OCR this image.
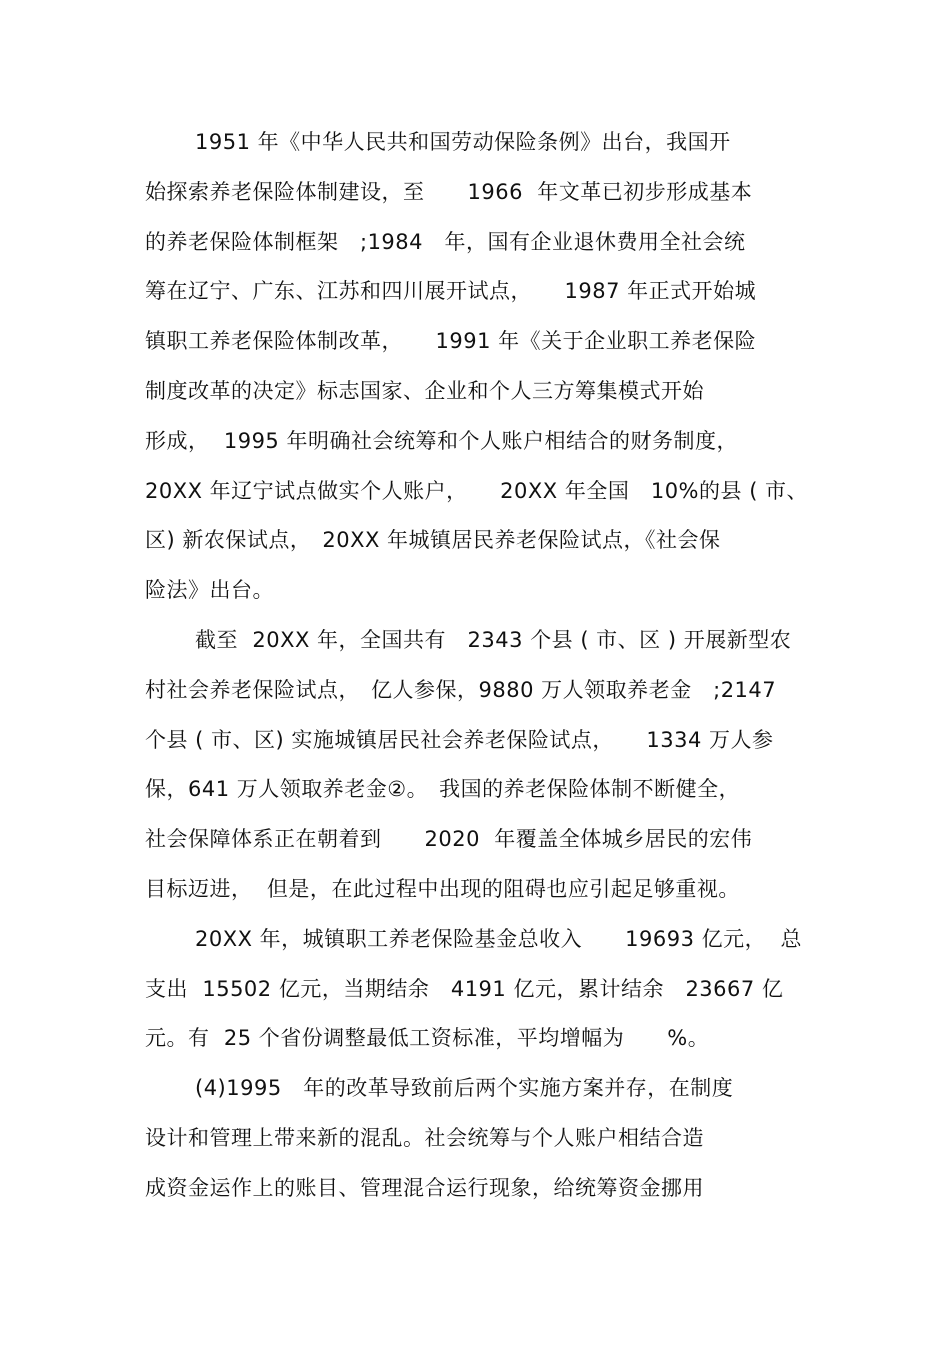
1951 年《中华人民共和国劳动保险条例》出台，我国开
始探索养老保险体制建设，至　　1966  年文革已初步形成基本
的养老保险体制框架　;1984　年，国有企业退休费用全社会统
筹在辽宁、广东、江苏和四川展开试点，　　1987 年正式开始城
镇职工养老保险体制改革，　　1991 年《关于企业职工养老保险
制度改革的决定》标志国家、企业和个人三方筹集模式开始
形成，  1995 年明确社会统筹和个人账户相结合的财务制度，
20XX 年辽宁试点做实个人账户，　　20XX 年全国　10%的县 ( 市、
区) 新农保试点，　20XX 年城镇居民养老保险试点，《社会保
险法》出台。
截至  20XX 年，全国共有　2343 个县 ( 市、区 ) 开展新型农
村社会养老保险试点，　亿人参保，9880 万人领取养老金　;2147
个县 ( 市、区) 实施城镇居民社会养老保险试点，　　1334 万人参
保，641 万人领取养老金②。　我国的养老保险体制不断健全，
社会保障体系正在朝着到　　2020  年覆盖全体城乡居民的宏伟
目标迈进，  但是，在此过程中出现的阻碍也应引起足够重视。
20XX 年，城镇职工养老保险基金总收入　　19693 亿元，  总
支出  15502 亿元，当期结余　4191 亿元，累计结余　23667 亿
元。有  25 个省份调整最低工资标准，平均增幅为　　%。
(4)1995　年的改革导致前后两个实施方案并存，在制度
设计和管理上带来新的混乱。社会统筹与个人账户相结合造
成资金运作上的账目、管理混合运行现象，给统筹资金挪用
